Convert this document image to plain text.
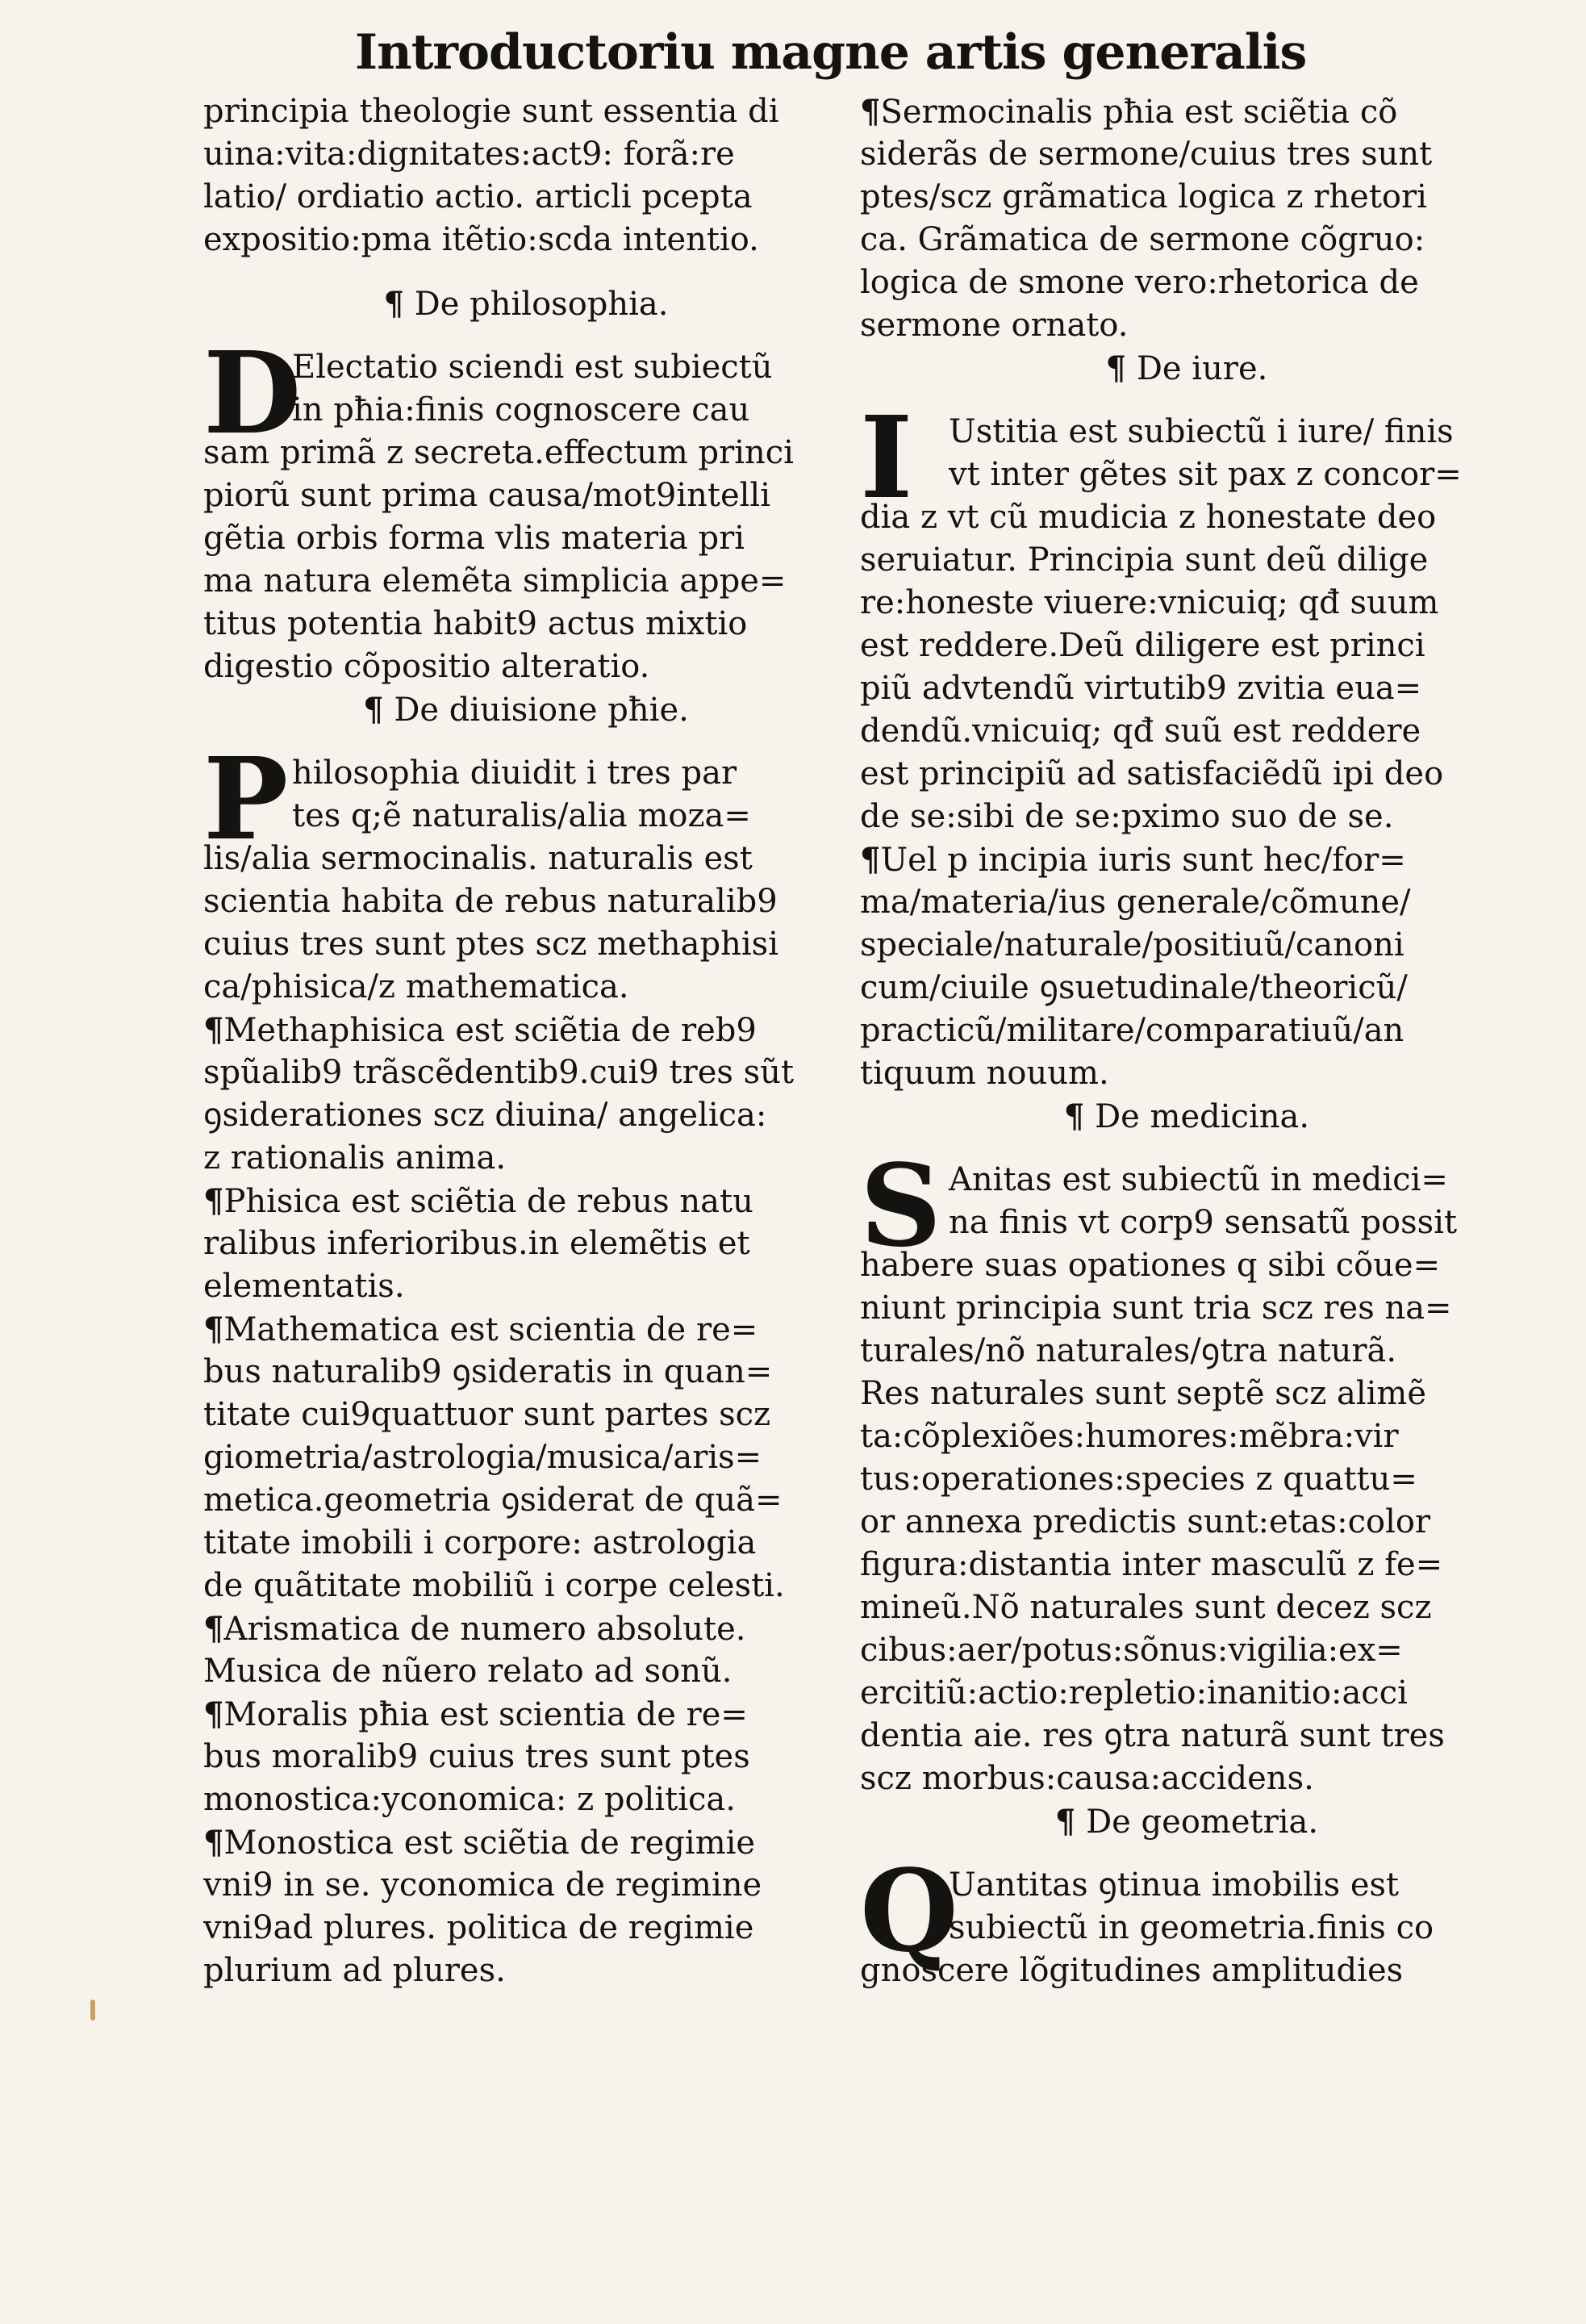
Introductoriu magne artis generalis
principia theologie sunt essentia di
uina:vita:dignitates:act9: forã:re
latio/ ordiatio actio. articli pcepta
expositio:pma itẽtio:scda intentio.
¶ De philosophia.
D
Electatio sciendi est subiectũ
in pħia:finis cognoscere cau
sam primã z secreta.effectum princi
piorũ sunt prima causa/mot9intelli
gẽtia orbis forma vlis materia pri
ma natura elemẽta simplicia appe=
titus potentia habit9 actus mixtio
digestio cõpositio alteratio.
¶ De diuisione pħie.
P hilosophia diuidit i tres par
tes q;ẽ naturalis/alia moza=
lis/alia sermocinalis. naturalis est
scientia habita de rebus naturalib9
cuius tres sunt ptes scz methaphisi
ca/phisica/z mathematica.
¶Methaphisica est sciẽtia de reb9
spũalib9 trãscẽdentib9.cui9 tres sũt
ꝯsiderationes scz diuina/ angelica:
z rationalis anima.
¶Phisica est sciẽtia de rebus natu
ralibus inferioribus.in elemẽtis et
elementatis.
¶Mathematica est scientia de re=
bus naturalib9 ꝯsideratis in quan=
titate cui9quattuor sunt partes scz
giometria/astrologia/musica/aris=
metica.geometria ꝯsiderat de quã=
titate imobili i corpore: astrologia
de quãtitate mobiliũ i corpe celesti.
¶Arismatica de numero absolute.
Musica de nũero relato ad sonũ.
¶Moralis pħia est scientia de re=
bus moralib9 cuius tres sunt ptes
monostica:yconomica: z politica.
¶Monostica est sciẽtia de regimie
vni9 in se. yconomica de regimine
vni9ad plures. politica de regimie
plurium ad plures.
¶Sermocinalis pħia est sciẽtia cõ
siderãs de sermone/cuius tres sunt
ptes/scz grãmatica logica z rhetori
ca. Grãmatica de sermone cõgruo:
logica de smone vero:rhetorica de
sermone ornato.
¶ De iure.
I	Ustitia est subiectũ i iure/ finis
vt inter gẽtes sit pax z concor=
dia z vt cũ mudicia z honestate deo
seruiatur. Principia sunt deũ dilige
re:honeste viuere:vnicuiq; qđ suum
est reddere.Deũ diligere est princi
piũ advtendũ virtutib9 zvitia eua=
dendũ.vnicuiq; qđ suũ est reddere
est principiũ ad satisfaciẽdũ ipi deo
de se:sibi de se:pximo suo de se.
¶Uel p incipia iuris sunt hec/for=
ma/materia/ius generale/cõmune/
speciale/naturale/positiuũ/canoni
cum/ciuile ꝯsuetudinale/theoricũ/
practicũ/militare/comparatiuũ/an
tiquum nouum.
¶ De medicina.
S Anitas est subiectũ in medici=
na finis vt corp9 sensatũ possit
habere suas opationes q sibi cõue=
niunt principia sunt tria scz res na=
turales/nõ naturales/ꝯtra naturã.
Res naturales sunt septẽ scz alimẽ
ta:cõplexiões:humores:mẽbra:vir
tus:operationes:species z quattu=
or annexa predictis sunt:etas:color
figura:distantia inter masculũ z fe=
mineũ.Nõ naturales sunt decez scz
cibus:aer/potus:sõnus:vigilia:ex=
ercitiũ:actio:repletio:inanitio:acci
dentia aie. res ꝯtra naturã sunt tres
scz morbus:causa:accidens.
¶ De geometria.
Q
Uantitas ꝯtinua imobilis est
subiectũ in geometria.finis co
gnoscere lõgitudines amplitudies
